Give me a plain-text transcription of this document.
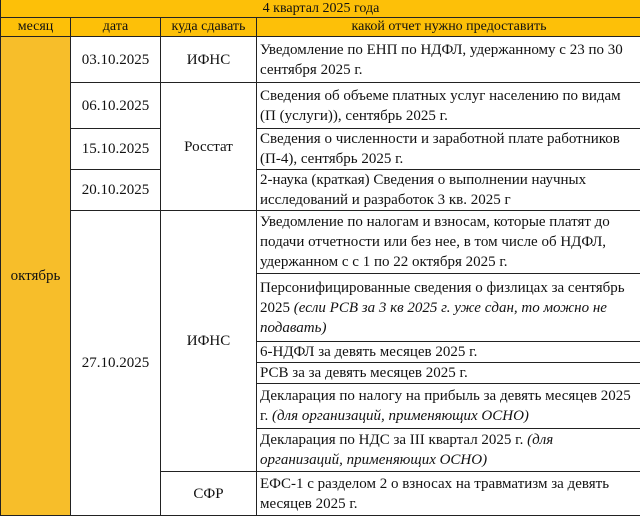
4 квартал 2025 года			
месяц	дата	куда сдавать	какой отчет нужно предоставить
октябрь	03.10.2025	ИФНС	Уведомление по ЕНП по НДФЛ, удержанному с 23 по 30 сентября 2025 г.
	06.10.2025	Росстат	Сведения об объеме платных услуг населению по видам (П (услуги)), сентябрь 2025 г.
	15.10.2025		Сведения о численности и заработной плате работников (П-4), сентябрь 2025 г.
	20.10.2025		2-наука (краткая) Сведения о выполнении научных исследований и разработок 3 кв. 2025 г
	27.10.2025	ИФНС	Уведомление по налогам и взносам, которые платят до подачи отчетности или без нее, в том числе об НДФЛ, удержанном с с 1 по 22 октября 2025 г.
			Персонифицированные сведения о физлицах за сентябрь 2025 (если РСВ за 3 кв 2025 г. уже сдан, то можно не подавать)
			6-НДФЛ за девять месяцев 2025 г.
			РСВ за за девять месяцев 2025 г.
			Декларация по налогу на прибыль за девять месяцев 2025 г. (для организаций, применяющих ОСНО)
			Декларация по НДС за III квартал 2025 г. (для организаций, применяющих ОСНО)
		СФР	ЕФС-1 с разделом 2 о взносах на травматизм за девять месяцев 2025 г.
